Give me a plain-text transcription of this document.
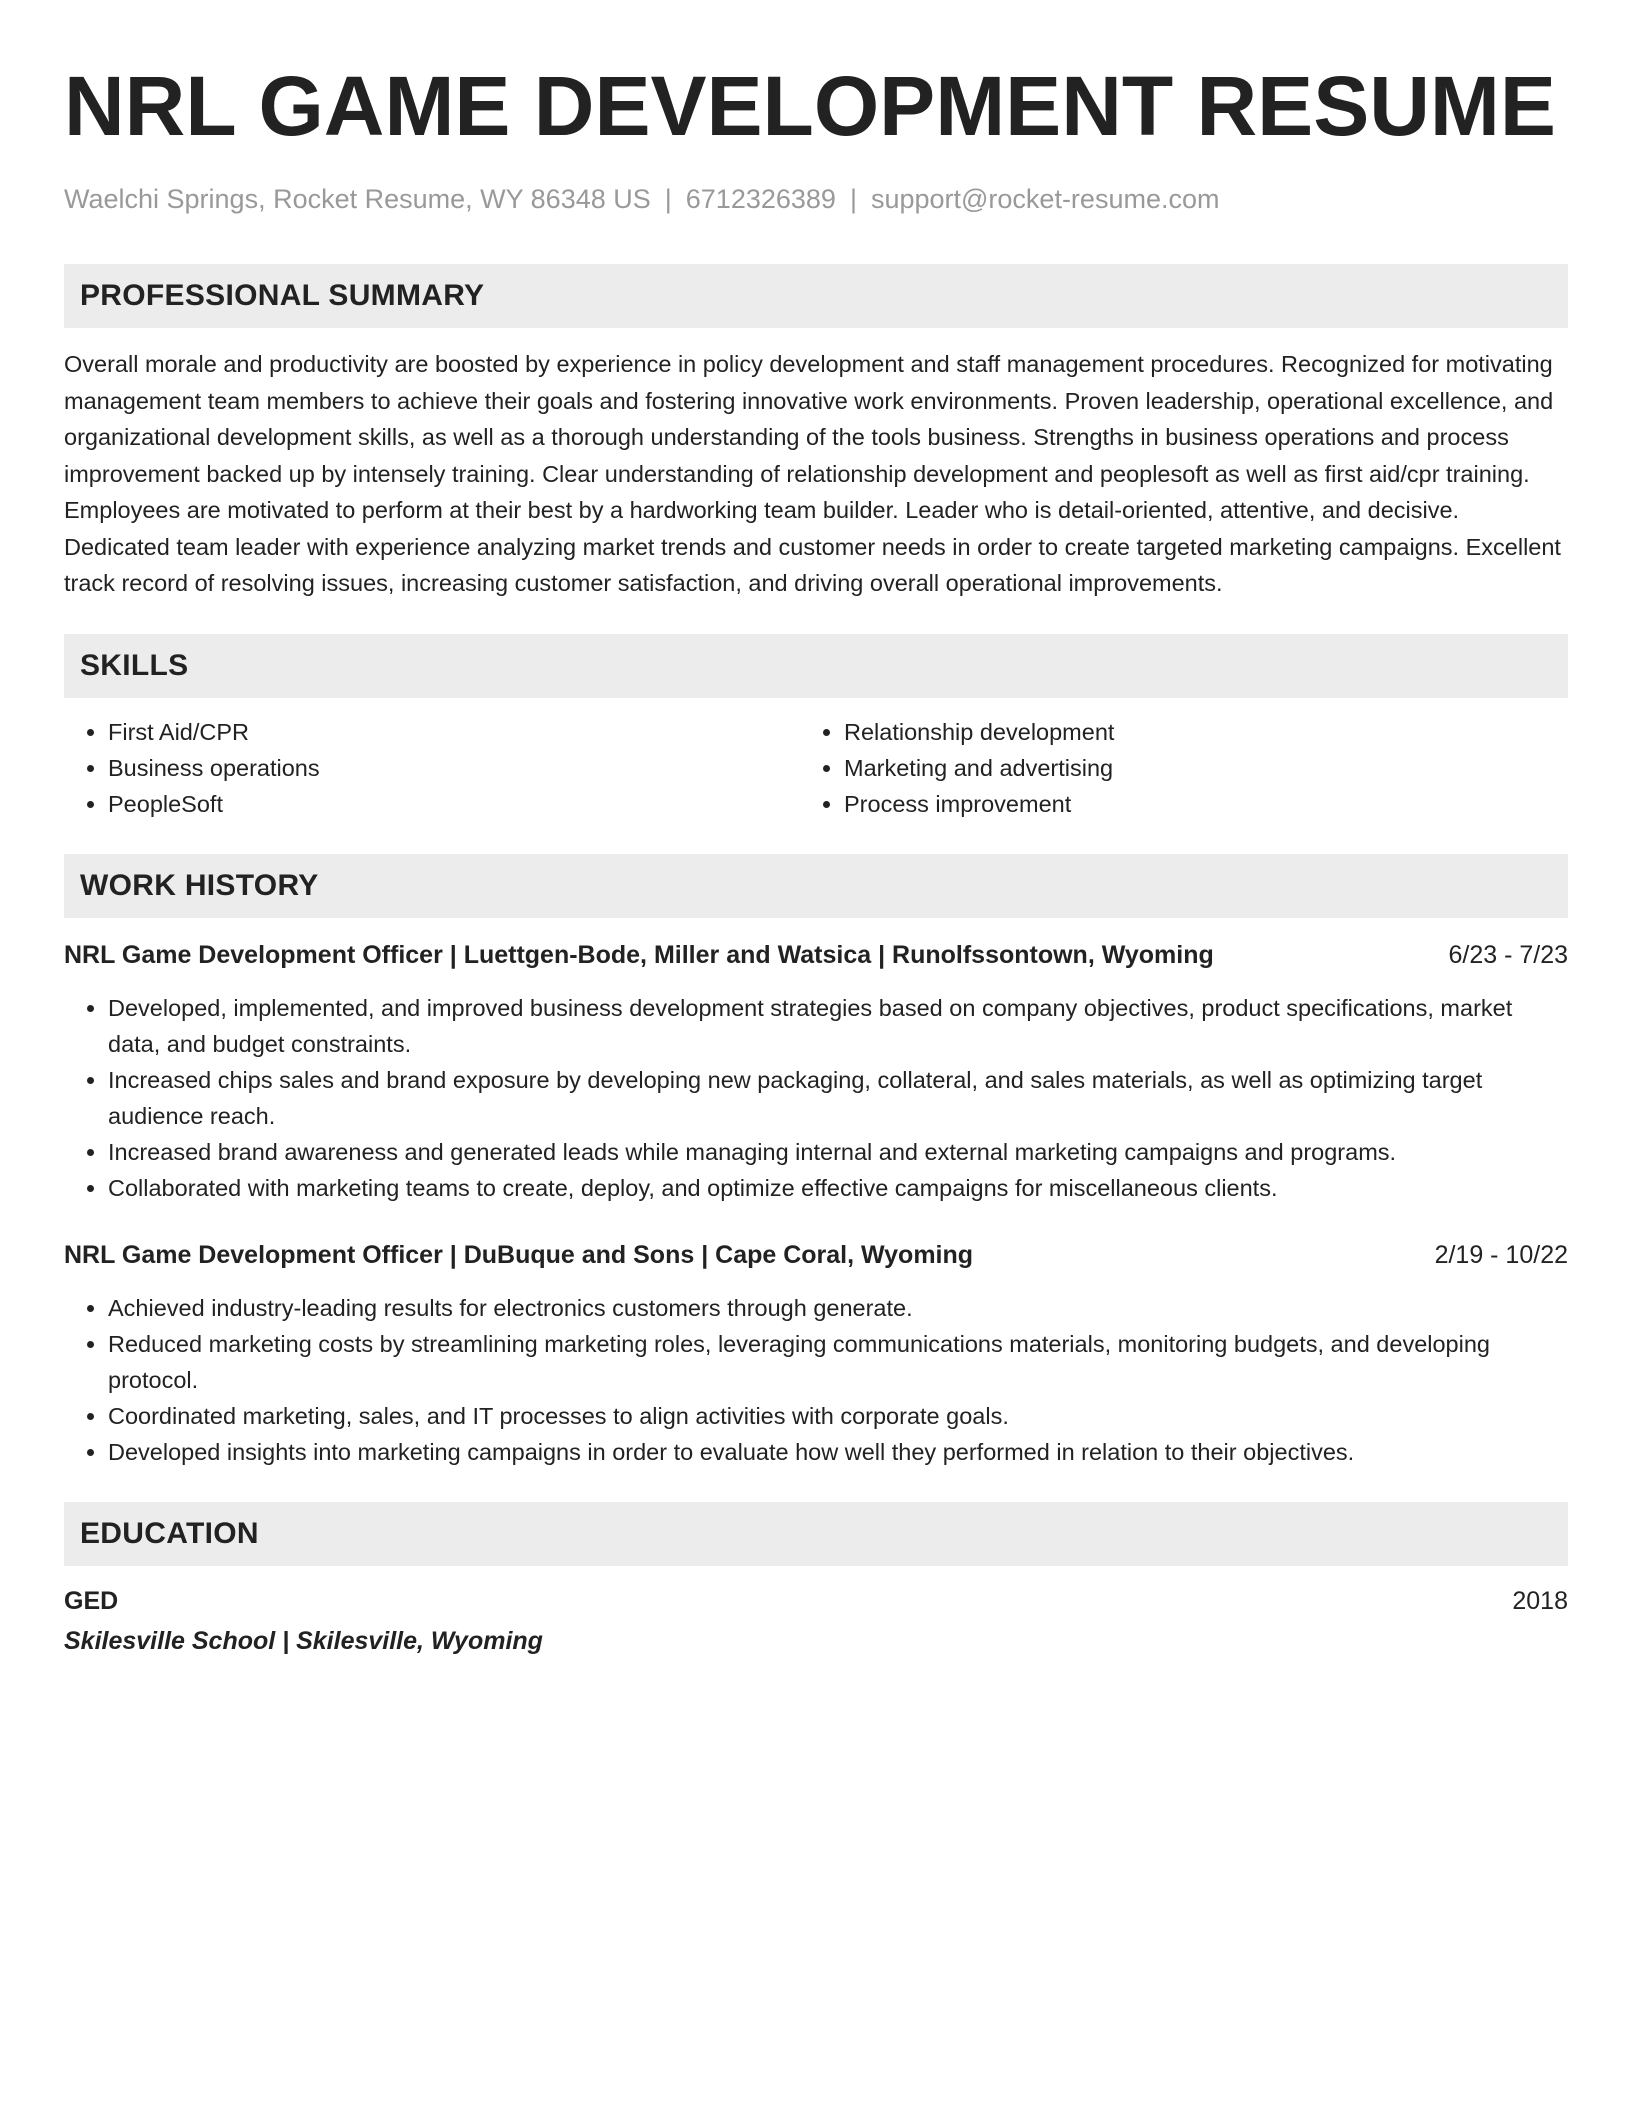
NRL GAME DEVELOPMENT RESUME
Waelchi Springs, Rocket Resume, WY 86348 US | 6712326389 | support@rocket-resume.com
PROFESSIONAL SUMMARY
Overall morale and productivity are boosted by experience in policy development and staff management procedures. Recognized for motivating management team members to achieve their goals and fostering innovative work environments. Proven leadership, operational excellence, and organizational development skills, as well as a thorough understanding of the tools business. Strengths in business operations and process improvement backed up by intensely training. Clear understanding of relationship development and peoplesoft as well as first aid/cpr training. Employees are motivated to perform at their best by a hardworking team builder. Leader who is detail-oriented, attentive, and decisive. Dedicated team leader with experience analyzing market trends and customer needs in order to create targeted marketing campaigns. Excellent track record of resolving issues, increasing customer satisfaction, and driving overall operational improvements.
SKILLS
• First Aid/CPR
• Business operations
• PeopleSoft
• Relationship development
• Marketing and advertising
• Process improvement
WORK HISTORY
NRL Game Development Officer | Luettgen-Bode, Miller and Watsica | Runolfssontown, Wyoming	6/23 - 7/23
• Developed, implemented, and improved business development strategies based on company objectives, product specifications, market data, and budget constraints.
• Increased chips sales and brand exposure by developing new packaging, collateral, and sales materials, as well as optimizing target audience reach.
• Increased brand awareness and generated leads while managing internal and external marketing campaigns and programs.
• Collaborated with marketing teams to create, deploy, and optimize effective campaigns for miscellaneous clients.
NRL Game Development Officer | DuBuque and Sons | Cape Coral, Wyoming	2/19 - 10/22
• Achieved industry-leading results for electronics customers through generate.
• Reduced marketing costs by streamlining marketing roles, leveraging communications materials, monitoring budgets, and developing protocol.
• Coordinated marketing, sales, and IT processes to align activities with corporate goals.
• Developed insights into marketing campaigns in order to evaluate how well they performed in relation to their objectives.
EDUCATION
GED	2018
Skilesville School | Skilesville, Wyoming
